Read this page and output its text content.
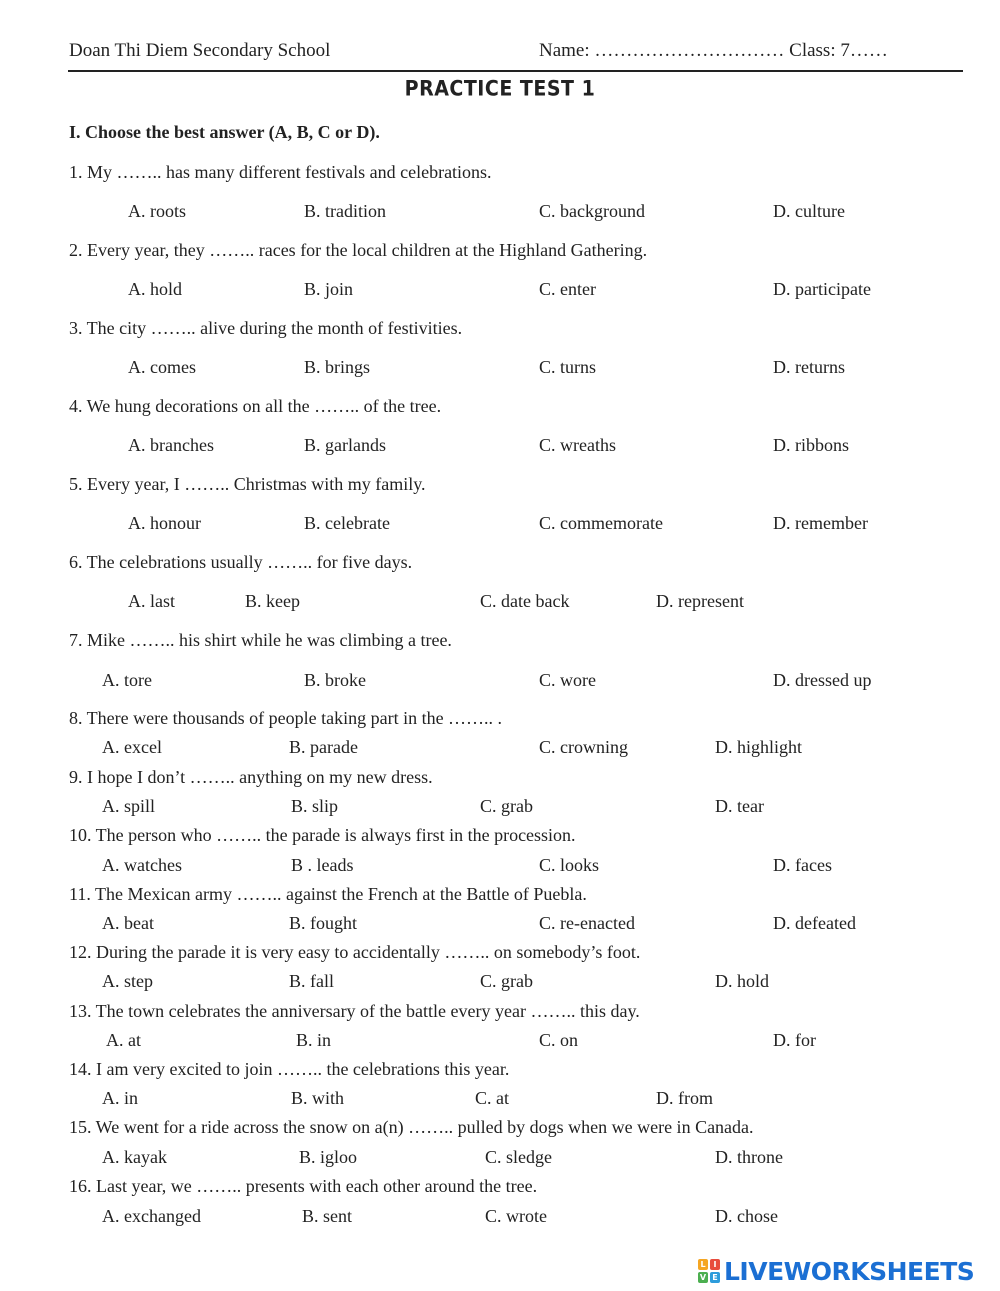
Doan Thi Diem Secondary School	Name: ………………………… Class: 7……
PRACTICE TEST 1
I. Choose the best answer (A, B, C or D).
1. My …….. has many different festivals and celebrations.
A. roots	B. tradition	C. background	D. culture
2. Every year, they …….. races for the local children at the Highland Gathering.
A. hold	B. join	C. enter	D. participate
3. The city …….. alive during the month of festivities.
A. comes	B. brings	C. turns	D. returns
4. We hung decorations on all the …….. of the tree.
A. branches	B. garlands	C. wreaths	D. ribbons
5. Every year, I …….. Christmas with my family.
A. honour	B. celebrate	C. commemorate	D. remember
6. The celebrations usually …….. for five days.
A. last	B. keep	C. date back	D. represent
7. Mike …….. his shirt while he was climbing a tree.
A. tore	B. broke	C. wore	D. dressed up
8. There were thousands of people taking part in the …….. .
A. excel	B. parade	C. crowning	D. highlight
9. I hope I don’t …….. anything on my new dress.
A. spill	B. slip	C. grab	D. tear
10. The person who …….. the parade is always first in the procession.
A. watches	B . leads	C. looks	D. faces
11. The Mexican army …….. against the French at the Battle of Puebla.
A. beat	B. fought	C. re-enacted	D. defeated
12. During the parade it is very easy to accidentally …….. on somebody’s foot.
A. step	B. fall	C. grab	D. hold
13. The town celebrates the anniversary of the battle every year …….. this day.
A. at	B. in	C. on	D. for
14. I am very excited to join …….. the celebrations this year.
A. in	B. with	C. at	D. from
15. We went for a ride across the snow on a(n) …….. pulled by dogs when we were in Canada.
A. kayak	B. igloo	C. sledge	D. throne
16. Last year, we …….. presents with each other around the tree.
A. exchanged	B. sent	C. wrote	D. chose
L I
V E LIVEWORKSHEETS
